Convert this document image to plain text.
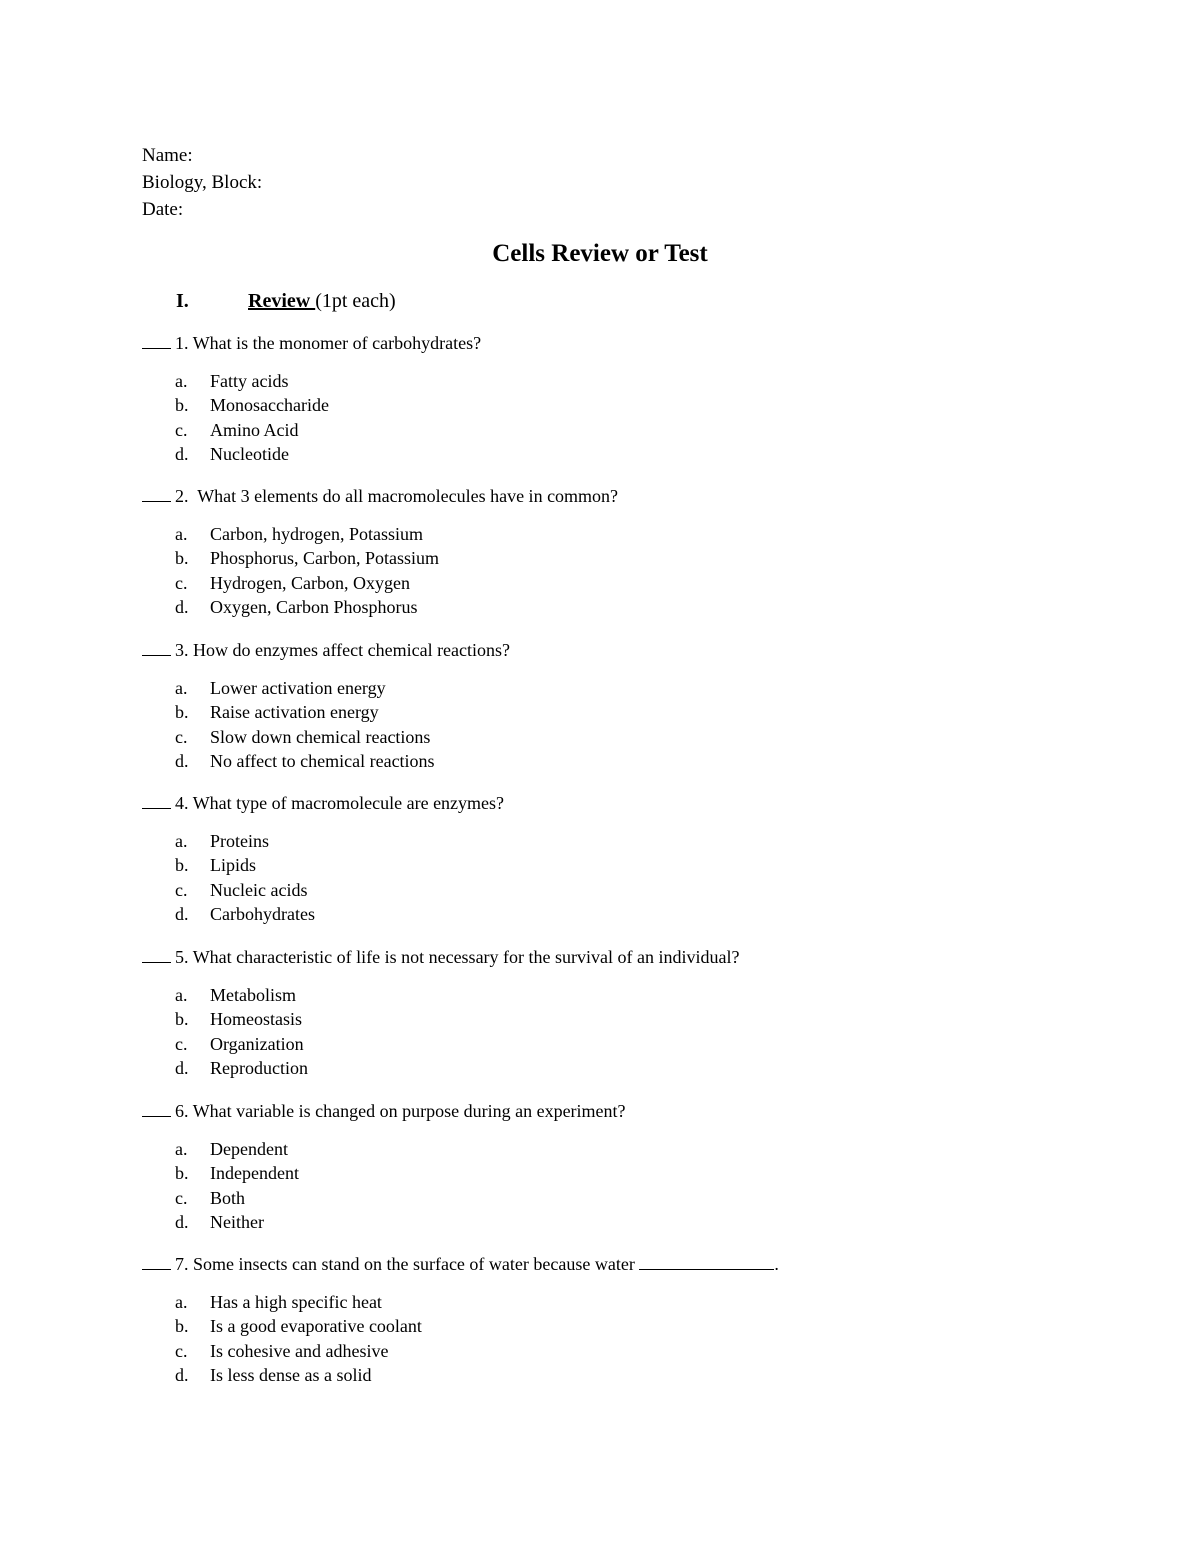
Name:
Biology, Block:
Date:
Cells Review or Test
I.	Review (1pt each)
1. What is the monomer of carbohydrates?
a. Fatty acids
b. Monosaccharide
c. Amino Acid
d. Nucleotide
2. What 3 elements do all macromolecules have in common?
a. Carbon, hydrogen, Potassium
b. Phosphorus, Carbon, Potassium
c. Hydrogen, Carbon, Oxygen
d. Oxygen, Carbon Phosphorus
3. How do enzymes affect chemical reactions?
a. Lower activation energy
b. Raise activation energy
c. Slow down chemical reactions
d. No affect to chemical reactions
4. What type of macromolecule are enzymes?
a. Proteins
b. Lipids
c. Nucleic acids
d. Carbohydrates
5. What characteristic of life is not necessary for the survival of an individual?
a. Metabolism
b. Homeostasis
c. Organization
d. Reproduction
6. What variable is changed on purpose during an experiment?
a. Dependent
b. Independent
c. Both
d. Neither
7. Some insects can stand on the surface of water because water	.
a. Has a high specific heat
b. Is a good evaporative coolant
c. Is cohesive and adhesive
d. Is less dense as a solid
